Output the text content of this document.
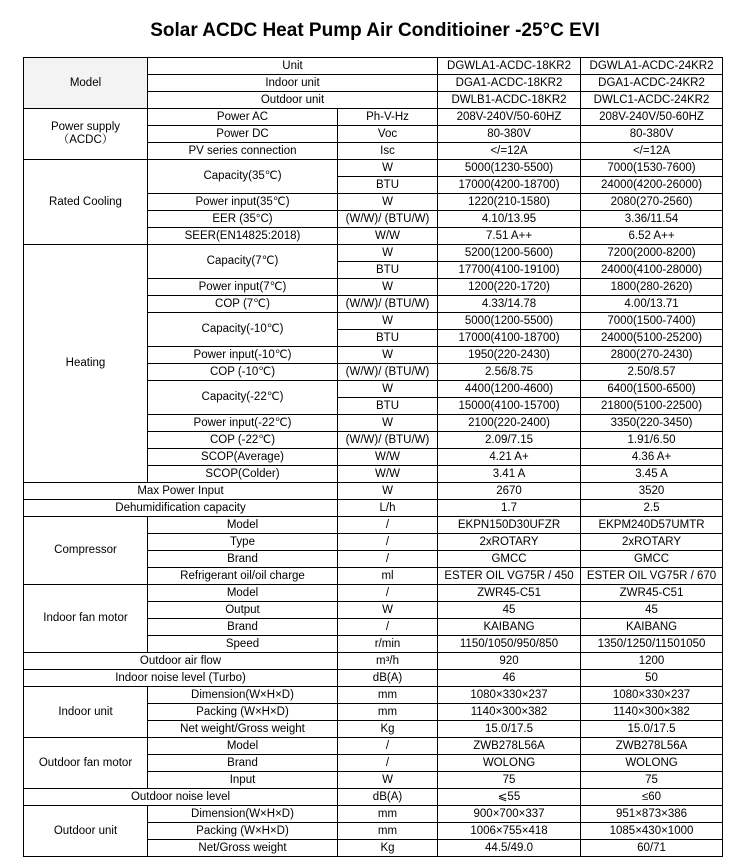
Solar ACDC Heat Pump Air Conditioiner -25°C EVI
Model	Unit		DGWLA1-ACDC-18KR2	DGWLA1-ACDC-24KR2
	Indoor unit		DGA1-ACDC-18KR2	DGA1-ACDC-24KR2
	Outdoor unit		DWLB1-ACDC-18KR2	DWLC1-ACDC-24KR2
Power supply
（ACDC）	Power AC	Ph-V-Hz	208V-240V/50-60HZ	208V-240V/50-60HZ
	Power DC	Voc	80-380V	80-380V
	PV series connection	Isc	</=12A	</=12A
Rated Cooling	Capacity(35℃)	W	5000(1230-5500)	7000(1530-7600)
		BTU	17000(4200-18700)	24000(4200-26000)
	Power input(35℃)	W	1220(210-1580)	2080(270-2560)
	EER (35°C)	(W/W)/ (BTU/W)	4.10/13.95	3.36/11.54
	SEER(EN14825:2018)	W/W	7.51 A++	6.52 A++
Heating	Capacity(7℃)	W	5200(1200-5600)	7200(2000-8200)
		BTU	17700(4100-19100)	24000(4100-28000)
	Power input(7℃)	W	1200(220-1720)	1800(280-2620)
	COP (7℃)	(W/W)/ (BTU/W)	4.33/14.78	4.00/13.71
	Capacity(-10℃)	W	5000(1200-5500)	7000(1500-7400)
		BTU	17000(4100-18700)	24000(5100-25200)
	Power input(-10℃)	W	1950(220-2430)	2800(270-2430)
	COP (-10℃)	(W/W)/ (BTU/W)	2.56/8.75	2.50/8.57
	Capacity(-22℃)	W	4400(1200-4600)	6400(1500-6500)
		BTU	15000(4100-15700)	21800(5100-22500)
	Power input(-22℃)	W	2100(220-2400)	3350(220-3450)
	COP (-22℃)	(W/W)/ (BTU/W)	2.09/7.15	1.91/6.50
	SCOP(Average)	W/W	4.21 A+	4.36 A+
	SCOP(Colder)	W/W	3.41 A	3.45 A
Max Power Input		W	2670	3520
Dehumidification capacity		L/h	1.7	2.5
Compressor	Model	/	EKPN150D30UFZR	EKPM240D57UMTR
	Type	/	2xROTARY	2xROTARY
	Brand	/	GMCC	GMCC
	Refrigerant oil/oil charge	ml	ESTER OIL VG75R / 450	ESTER OIL VG75R / 670
Indoor fan motor	Model	/	ZWR45-C51	ZWR45-C51
	Output	W	45	45
	Brand	/	KAIBANG	KAIBANG
	Speed	r/min	1150/1050/950/850	1350/1250/11501050
Outdoor air flow		m³/h	920	1200
Indoor noise level (Turbo)		dB(A)	46	50
Indoor unit	Dimension(W×H×D)	mm	1080×330×237	1080×330×237
	Packing (W×H×D)	mm	1140×300×382	1140×300×382
	Net weight/Gross weight	Kg	15.0/17.5	15.0/17.5
Outdoor fan motor	Model	/	ZWB278L56A	ZWB278L56A
	Brand	/	WOLONG	WOLONG
	Input	W	75	75
Outdoor noise level		dB(A)	⩽55	≤60
Outdoor unit	Dimension(W×H×D)	mm	900×700×337	951×873×386
	Packing (W×H×D)	mm	1006×755×418	1085×430×1000
	Net/Gross weight	Kg	44.5/49.0	60/71
